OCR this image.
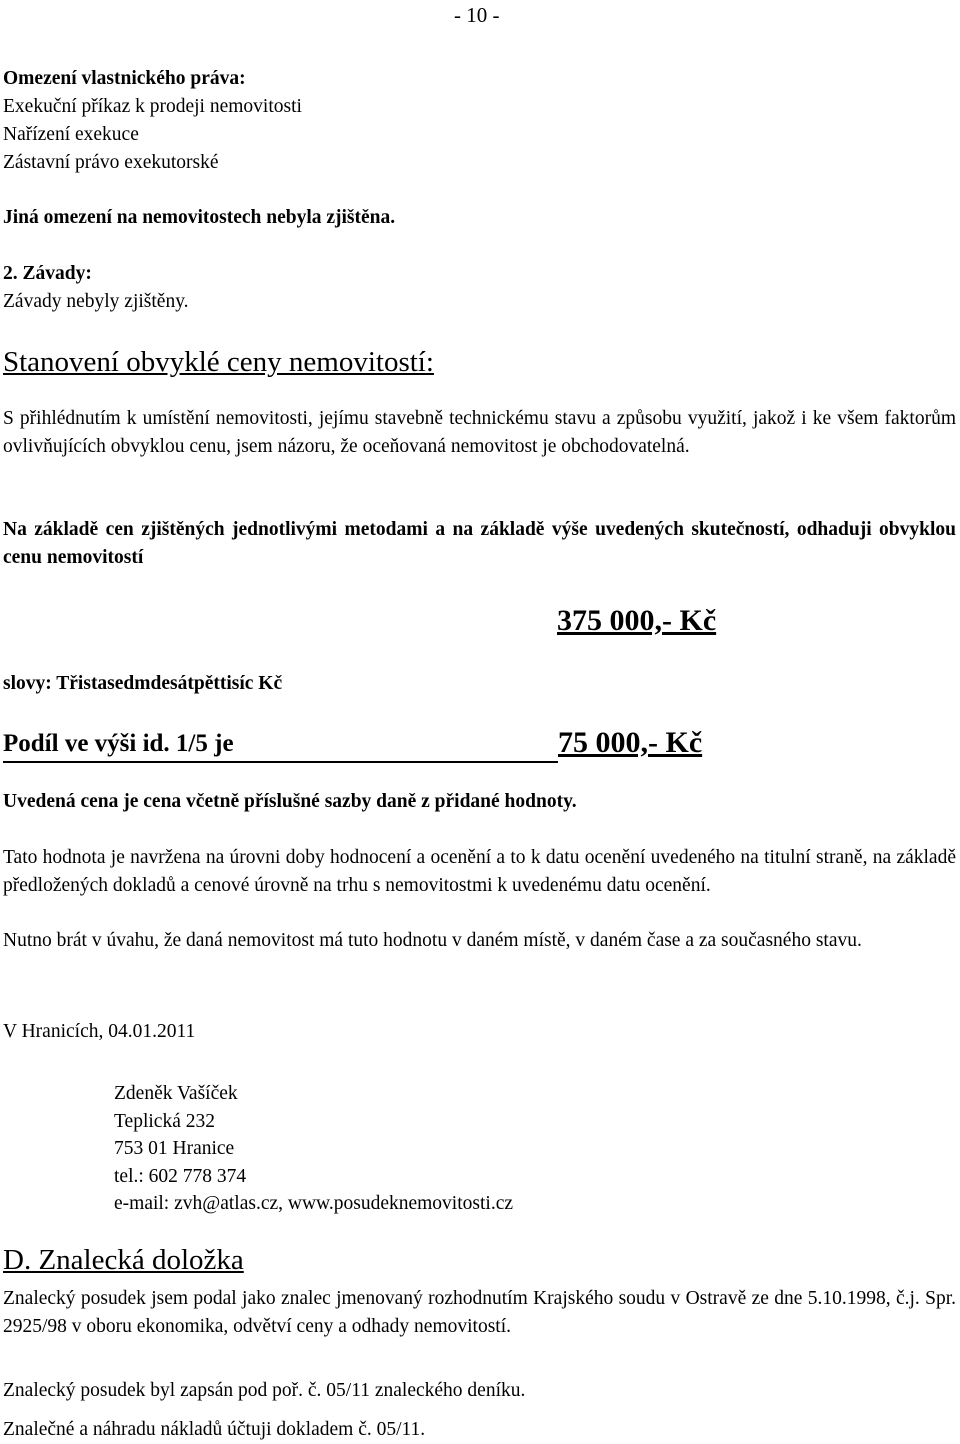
- 10 -
Omezení vlastnického práva:
Exekuční příkaz k prodeji nemovitosti
Nařízení exekuce
Zástavní právo exekutorské
Jiná omezení na nemovitostech nebyla zjištěna.
2. Závady:
Závady nebyly zjištěny.
Stanovení obvyklé ceny nemovitostí:
S přihlédnutím k umístění nemovitosti, jejímu stavebně technickému stavu a způsobu využití, jakož i ke všem faktorům ovlivňujících obvyklou cenu, jsem názoru, že oceňovaná nemovitost je obchodovatelná.
Na základě cen zjištěných jednotlivými metodami a na základě výše uvedených skutečností, odhaduji obvyklou cenu nemovitostí
375 000,- Kč
slovy: Třistasedmdesátpěttisíc Kč
Podíl ve výši id. 1/5 je	75 000,- Kč
Uvedená cena je cena včetně příslušné sazby daně z přidané hodnoty.
Tato hodnota je navržena na úrovni doby hodnocení a ocenění a to k datu ocenění uvedeného na titulní straně, na základě předložených dokladů a cenové úrovně na trhu s nemovitostmi k uvedenému datu ocenění.
Nutno brát v úvahu, že daná nemovitost má tuto hodnotu v daném místě, v daném čase a za současného stavu.
V Hranicích, 04.01.2011
Zdeněk Vašíček
Teplická 232
753 01 Hranice
tel.: 602 778 374
e-mail: zvh@atlas.cz, www.posudeknemovitosti.cz
D. Znalecká doložka
Znalecký posudek jsem podal jako znalec jmenovaný rozhodnutím Krajského soudu v Ostravě ze dne 5.10.1998, č.j. Spr. 2925/98 v oboru ekonomika, odvětví ceny a odhady nemovitostí.
Znalecký posudek byl zapsán pod poř. č. 05/11 znaleckého deníku.
Znalečné a náhradu nákladů účtuji dokladem č. 05/11.
